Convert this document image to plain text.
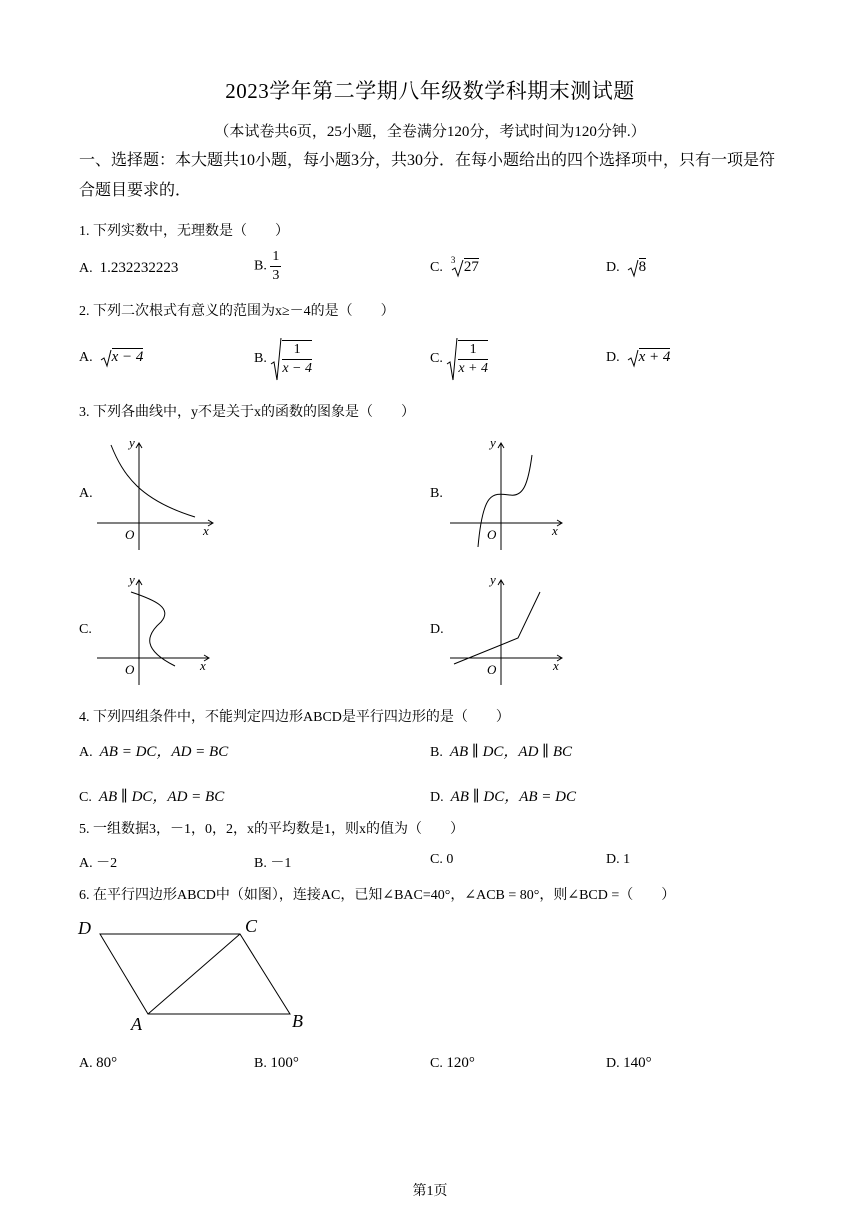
2023学年第二学期八年级数学科期末测试题
（本试卷共6页，25小题，全卷满分120分，考试时间为120分钟.）
一、选择题：本大题共10小题，每小题3分，共30分．在每小题给出的四个选择项中，只有一项是符合题目要求的．
1. 下列实数中，无理数是（　　）
A. 1.232232223	B. $\frac{1}{3}$	C.
3 27	D. 8
2. 下列二次根式有意义的范围为x≥－4的是（　　）
A. x − 4	B. $\frac{1}{x - 4}$	C. $\frac{1}{x + 4}$	D. x + 4
3. 下列各曲线中，y不是关于x的函数的图象是（　　）
A.
y
x
O
B.
y
x
O
C.
y
x
O
D.
y
x
O
4. 下列四组条件中，不能判定四边形ABCD是平行四边形的是（　　）
A. AB = DC，AD = BC	B. AB ∥ DC，AD ∥ BC
C. AB ∥ DC，AD = BC	D. AB ∥ DC，AB = DC
5. 一组数据3，－1，0，2，x的平均数是1，则x的值为（　　）
A. －2	B. －1	C. 0	D. 1
6. 在平行四边形ABCD中（如图），连接AC，已知∠BAC=40°，∠ACB = 80°，则∠BCD =（　　）
D	C
B
A
A. 80°	B. 100°	C. 120°	D. 140°
第1页
